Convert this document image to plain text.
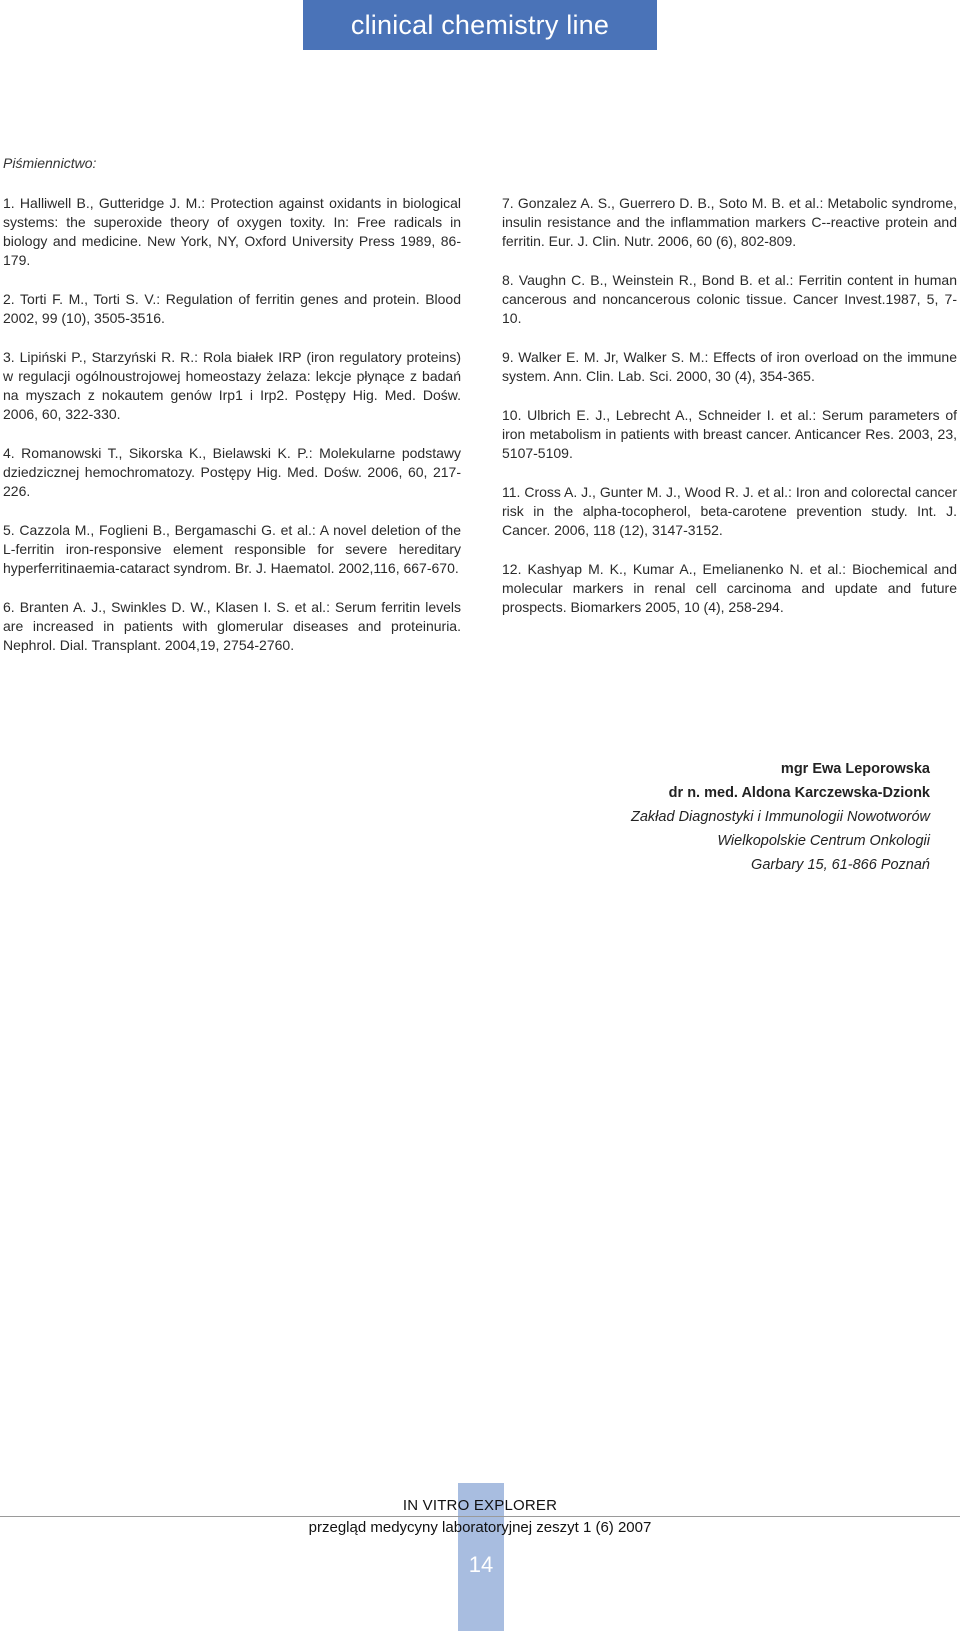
clinical chemistry line
Piśmiennictwo:

1. Halliwell B., Gutteridge J. M.: Protection against oxidants in biological systems: the superoxide theory of oxygen toxity. In: Free radicals in biology and medicine. New York, NY, Oxford University Press 1989, 86-179.

2. Torti F. M., Torti S. V.: Regulation of ferritin genes and protein. Blood 2002, 99 (10), 3505-3516.

3. Lipiński P., Starzyński R. R.: Rola białek IRP (iron regulatory proteins) w regulacji ogólnoustrojowej homeostazy żelaza: lekcje płynące z badań na myszach z nokautem genów Irp1 i Irp2. Postępy Hig. Med. Dośw. 2006, 60, 322-330.

4. Romanowski T., Sikorska K., Bielawski K. P.: Molekularne podstawy dziedzicznej hemochromatozy. Postępy Hig. Med. Dośw. 2006, 60, 217-226.

5. Cazzola M., Foglieni B., Bergamaschi G. et al.: A novel deletion of the L-ferritin iron-responsive element responsible for severe hereditary hyperferritinaemia-cataract syndrom. Br. J. Haematol. 2002,116, 667-670.

6. Branten A. J., Swinkles D. W., Klasen I. S. et al.: Serum ferritin levels are increased in patients with glomerular diseases and proteinuria. Nephrol. Dial. Transplant. 2004,19, 2754-2760.

7. Gonzalez A. S., Guerrero D. B., Soto M. B. et al.: Metabolic syndrome, insulin resistance and the inflammation markers C--reactive protein and ferritin. Eur. J. Clin. Nutr. 2006, 60 (6), 802-809.

8. Vaughn C. B., Weinstein R., Bond B. et al.: Ferritin content in human cancerous and noncancerous colonic tissue. Cancer Invest.1987, 5, 7-10.

9. Walker E. M. Jr, Walker S. M.: Effects of iron overload on the immune system. Ann. Clin. Lab. Sci. 2000, 30 (4), 354-365.

10. Ulbrich E. J., Lebrecht A., Schneider I. et al.: Serum parameters of iron metabolism in patients with breast cancer. Anticancer Res. 2003, 23, 5107-5109.

11. Cross A. J., Gunter M. J., Wood R. J. et al.: Iron and colorectal cancer risk in the alpha-tocopherol, beta-carotene prevention study. Int. J. Cancer. 2006, 118 (12), 3147-3152.

12. Kashyap M. K., Kumar A., Emelianenko N. et al.: Biochemical and molecular markers in renal cell carcinoma and update and future prospects. Biomarkers 2005, 10 (4), 258-294.

mgr Ewa Leporowska
dr n. med. Aldona Karczewska-Dzionk
Zakład Diagnostyki i Immunologii Nowotworów
Wielkopolskie Centrum Onkologii
Garbary 15, 61-866 Poznań
IN VITRO EXPLORER
przegląd medycyny laboratoryjnej zeszyt 1 (6) 2007
14
